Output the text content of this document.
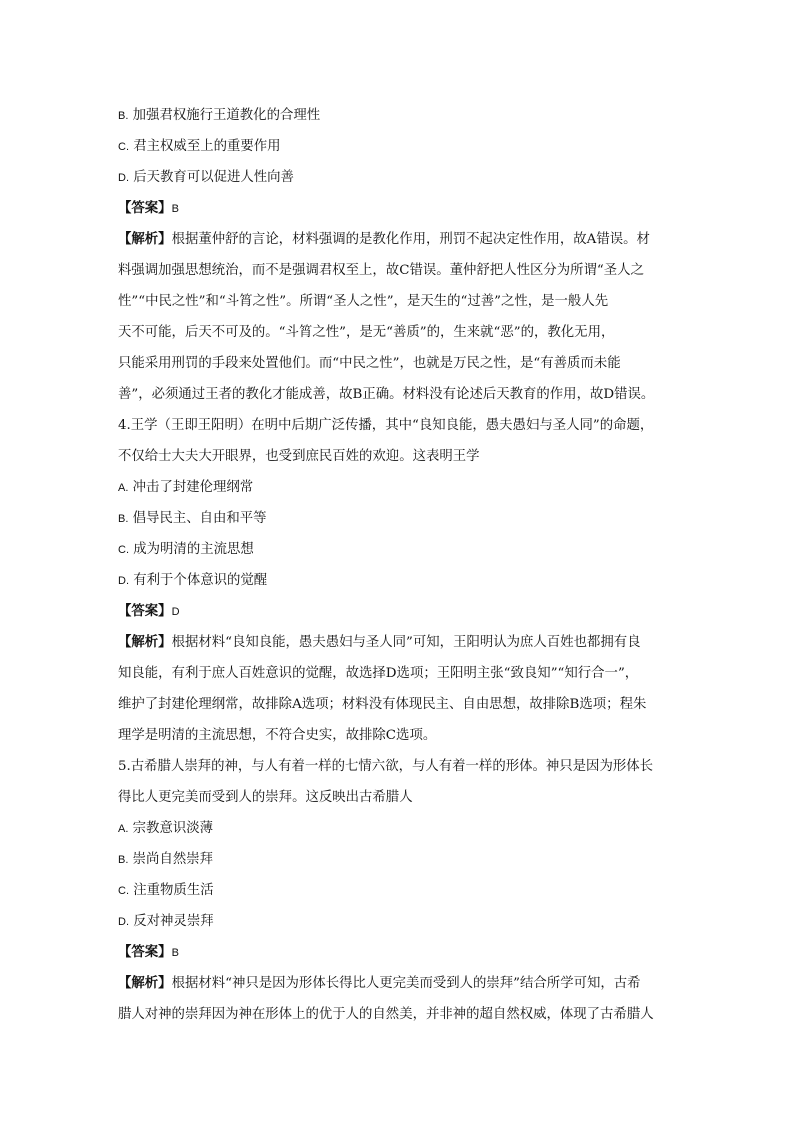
B. 加强君权施行王道教化的合理性
C. 君主权威至上的重要作用
D. 后天教育可以促进人性向善
【答案】B
【解析】根据董仲舒的言论，材料强调的是教化作用，刑罚不起决定性作用，故A错误。材
料强调加强思想统治，而不是强调君权至上，故C错误。董仲舒把人性区分为所谓“圣人之
性”“中民之性”和“斗筲之性”。所谓“圣人之性”，是天生的“过善”之性，是一般人先
天不可能，后天不可及的。“斗筲之性”，是无“善质”的，生来就“恶”的，教化无用，
只能采用刑罚的手段来处置他们。而“中民之性”，也就是万民之性，是“有善质而未能
善”，必须通过王者的教化才能成善，故B正确。材料没有论述后天教育的作用，故D错误。
4.王学（王即王阳明）在明中后期广泛传播，其中“良知良能，愚夫愚妇与圣人同”的命题，
不仅给士大夫大开眼界，也受到庶民百姓的欢迎。这表明王学
A. 冲击了封建伦理纲常
B. 倡导民主、自由和平等
C. 成为明清的主流思想
D. 有利于个体意识的觉醒
【答案】D
【解析】根据材料“良知良能，愚夫愚妇与圣人同”可知，王阳明认为庶人百姓也都拥有良
知良能，有利于庶人百姓意识的觉醒，故选择D选项；王阳明主张“致良知”“知行合一”，
维护了封建伦理纲常，故排除A选项；材料没有体现民主、自由思想，故排除B选项；程朱
理学是明清的主流思想，不符合史实，故排除C选项。
5.古希腊人崇拜的神，与人有着一样的七情六欲，与人有着一样的形体。神只是因为形体长
得比人更完美而受到人的崇拜。这反映出古希腊人
A. 宗教意识淡薄
B. 崇尚自然崇拜
C. 注重物质生活
D. 反对神灵崇拜
【答案】B
【解析】根据材料“神只是因为形体长得比人更完美而受到人的崇拜”结合所学可知，古希
腊人对神的崇拜因为神在形体上的优于人的自然美，并非神的超自然权威，体现了古希腊人
